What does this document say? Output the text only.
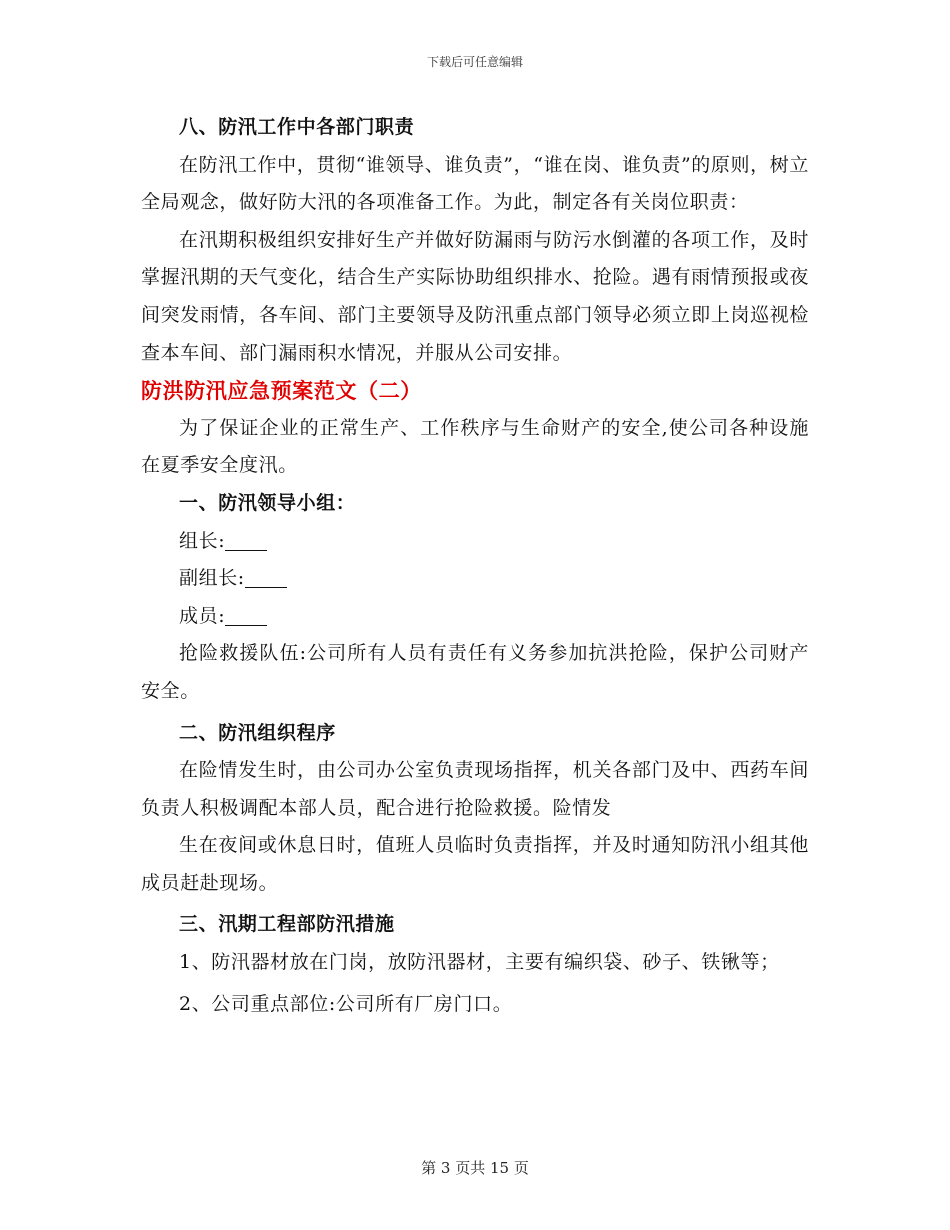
下载后可任意编辑

八、防汛工作中各部门职责

在防汛工作中，贯彻“谁领导、谁负责”，“谁在岗、谁负责”的原则，树立全局观念，做好防大汛的各项准备工作。为此，制定各有关岗位职责：

在汛期积极组织安排好生产并做好防漏雨与防污水倒灌的各项工作，及时掌握汛期的天气变化，结合生产实际协助组织排水、抢险。遇有雨情预报或夜间突发雨情，各车间、部门主要领导及防汛重点部门领导必须立即上岗巡视检查本车间、部门漏雨积水情况，并服从公司安排。

防洪防汛应急预案范文（二）

为了保证企业的正常生产、工作秩序与生命财产的安全,使公司各种设施在夏季安全度汛。

一、防汛领导小组：

组长:

副组长:

成员:

抢险救援队伍:公司所有人员有责任有义务参加抗洪抢险，保护公司财产安全。

二、防汛组织程序

在险情发生时，由公司办公室负责现场指挥，机关各部门及中、西药车间负责人积极调配本部人员，配合进行抢险救援。险情发

生在夜间或休息日时，值班人员临时负责指挥，并及时通知防汛小组其他成员赶赴现场。

三、汛期工程部防汛措施

1、防汛器材放在门岗，放防汛器材，主要有编织袋、砂子、铁锹等；

2、公司重点部位:公司所有厂房门口。

第 3 页共 15 页
